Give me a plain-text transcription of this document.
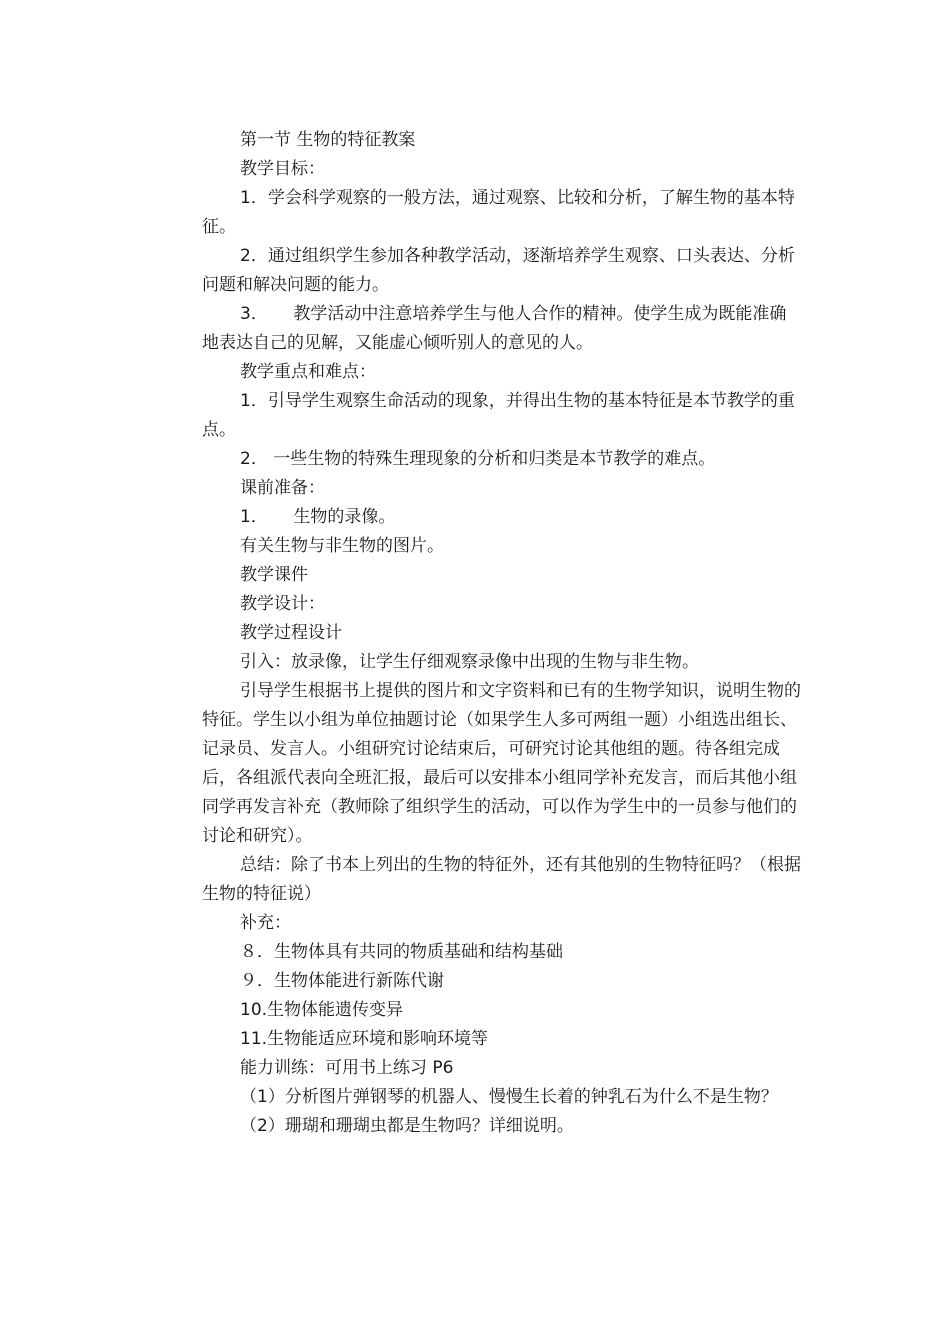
第一节 生物的特征教案

教学目标：

1．学会科学观察的一般方法，通过观察、比较和分析，了解生物的基本特征。

2．通过组织学生参加各种教学活动，逐渐培养学生观察、口头表达、分析问题和解决问题的能力。

3．　　教学活动中注意培养学生与他人合作的精神。使学生成为既能准确地表达自己的见解，又能虚心倾听别人的意见的人。

教学重点和难点：

1．引导学生观察生命活动的现象，并得出生物的基本特征是本节教学的重点。

2． 一些生物的特殊生理现象的分析和归类是本节教学的难点。

课前准备：

1．　　生物的录像。

有关生物与非生物的图片。

教学课件

教学设计：

教学过程设计

引入：放录像，让学生仔细观察录像中出现的生物与非生物。

引导学生根据书上提供的图片和文字资料和已有的生物学知识，说明生物的特征。学生以小组为单位抽题讨论（如果学生人多可两组一题）小组选出组长、记录员、发言人。小组研究讨论结束后，可研究讨论其他组的题。待各组完成后，各组派代表向全班汇报，最后可以安排本小组同学补充发言，而后其他小组同学再发言补充（教师除了组织学生的活动，可以作为学生中的一员参与他们的讨论和研究）。

总结：除了书本上列出的生物的特征外，还有其他别的生物特征吗？（根据生物的特征说）

补充：

８．生物体具有共同的物质基础和结构基础

９．生物体能进行新陈代谢

10.生物体能遗传变异

11.生物能适应环境和影响环境等

能力训练：可用书上练习 P6

（1）分析图片弹钢琴的机器人、慢慢生长着的钟乳石为什么不是生物？

（2）珊瑚和珊瑚虫都是生物吗？详细说明。
